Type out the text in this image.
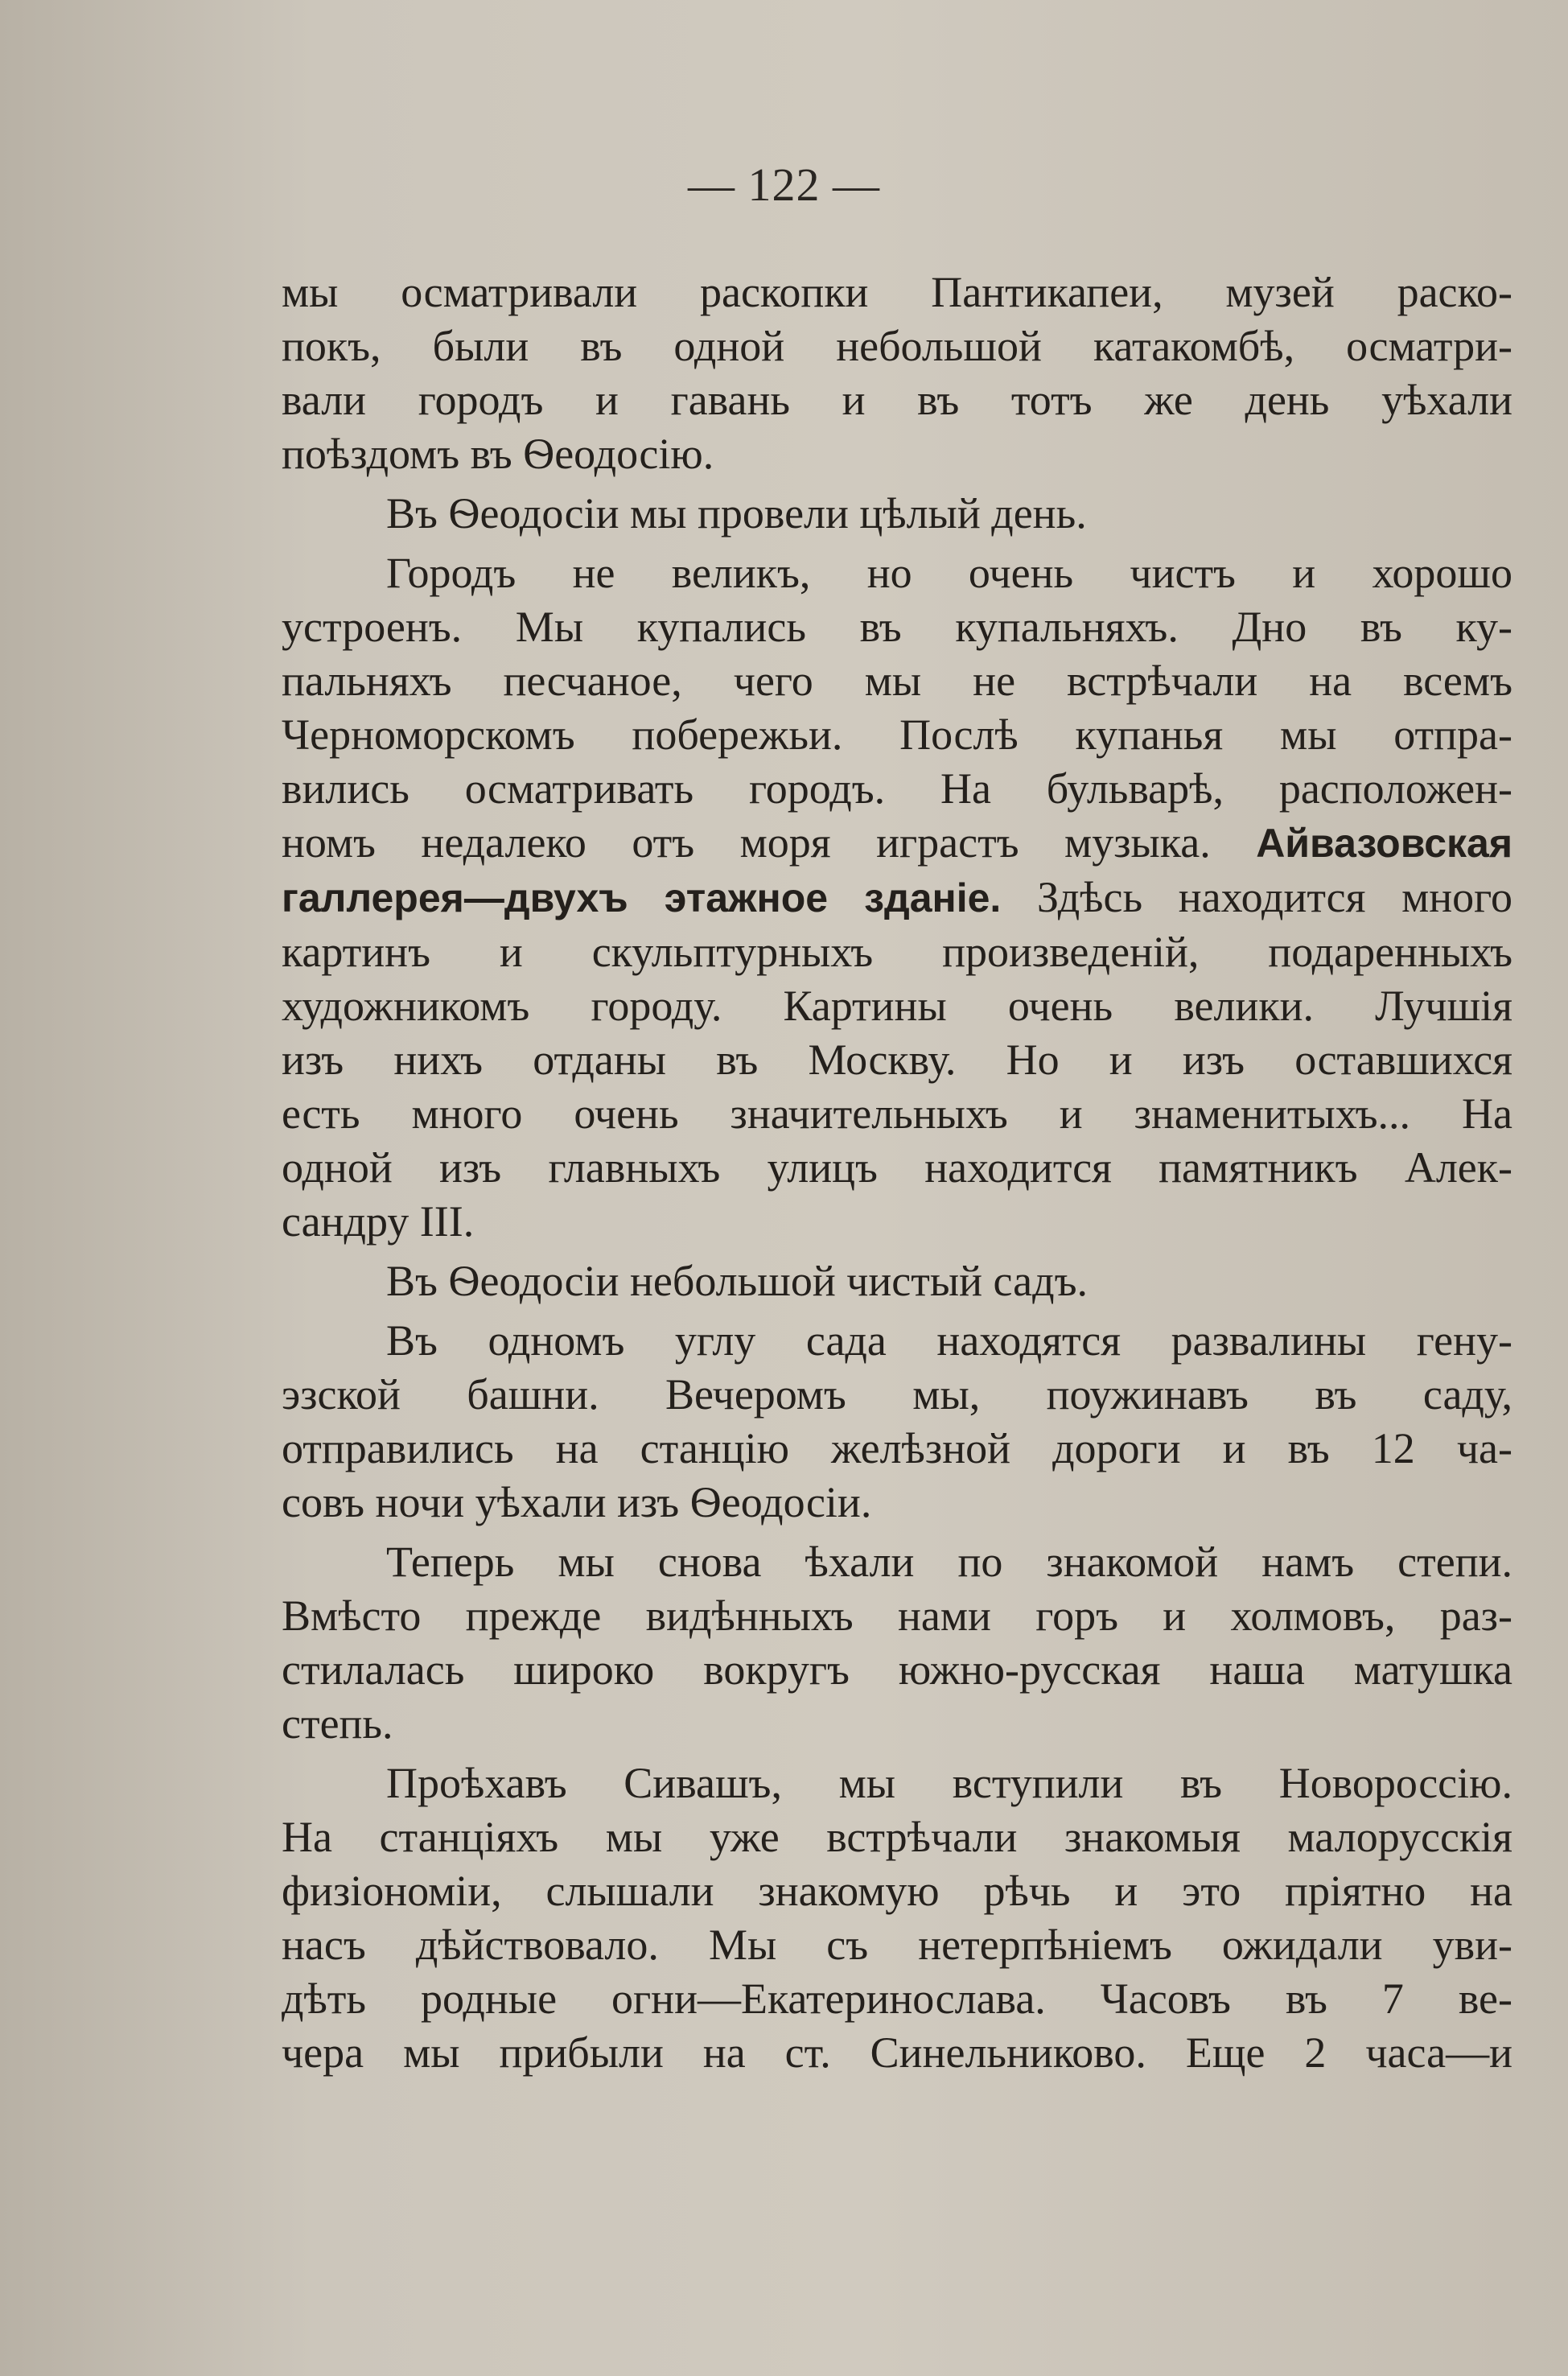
— 122 —
мы осматривали раскопки Пантикапеи, музей раско-
покъ, были въ одной небольшой катакомбѣ, осматри-
вали городъ и гавань и въ тотъ же день уѣхали
поѣздомъ въ Ѳеодосію.
Въ Ѳеодосіи мы провели цѣлый день.
Городъ не великъ, но очень чистъ и хорошо
устроенъ. Мы купались въ купальняхъ. Дно въ ку-
пальняхъ песчаное, чего мы не встрѣчали на всемъ
Черноморскомъ побережьи. Послѣ купанья мы отпра-
вились осматривать городъ. На бульварѣ, расположен-
номъ недалеко отъ моря играстъ музыка. Айвазовская
галлерея—двухъ этажное зданіе. Здѣсь находится много
картинъ и скульптурныхъ произведеній, подаренныхъ
художникомъ городу. Картины очень велики. Лучшія
изъ нихъ отданы въ Москву. Но и изъ оставшихся
есть много очень значительныхъ и знаменитыхъ... На
одной изъ главныхъ улицъ находится памятникъ Алек-
сандру III.
Въ Ѳеодосіи небольшой чистый садъ.
Въ одномъ углу сада находятся развалины гену-
эзской башни. Вечеромъ мы, поужинавъ въ саду,
отправились на станцію желѣзной дороги и въ 12 ча-
совъ ночи уѣхали изъ Ѳеодосіи.
Теперь мы снова ѣхали по знакомой намъ степи.
Вмѣсто прежде видѣнныхъ нами горъ и холмовъ, раз-
стилалась широко вокругъ южно-русская наша матушка
степь.
Проѣхавъ Сивашъ, мы вступили въ Новороссію.
На станціяхъ мы уже встрѣчали знакомыя малорусскія
физіономіи, слышали знакомую рѣчь и это пріятно на
насъ дѣйствовало. Мы съ нетерпѣніемъ ожидали уви-
дѣть родные огни—Екатеринослава. Часовъ въ 7 ве-
чера мы прибыли на ст. Синельниково. Еще 2 часа—и
